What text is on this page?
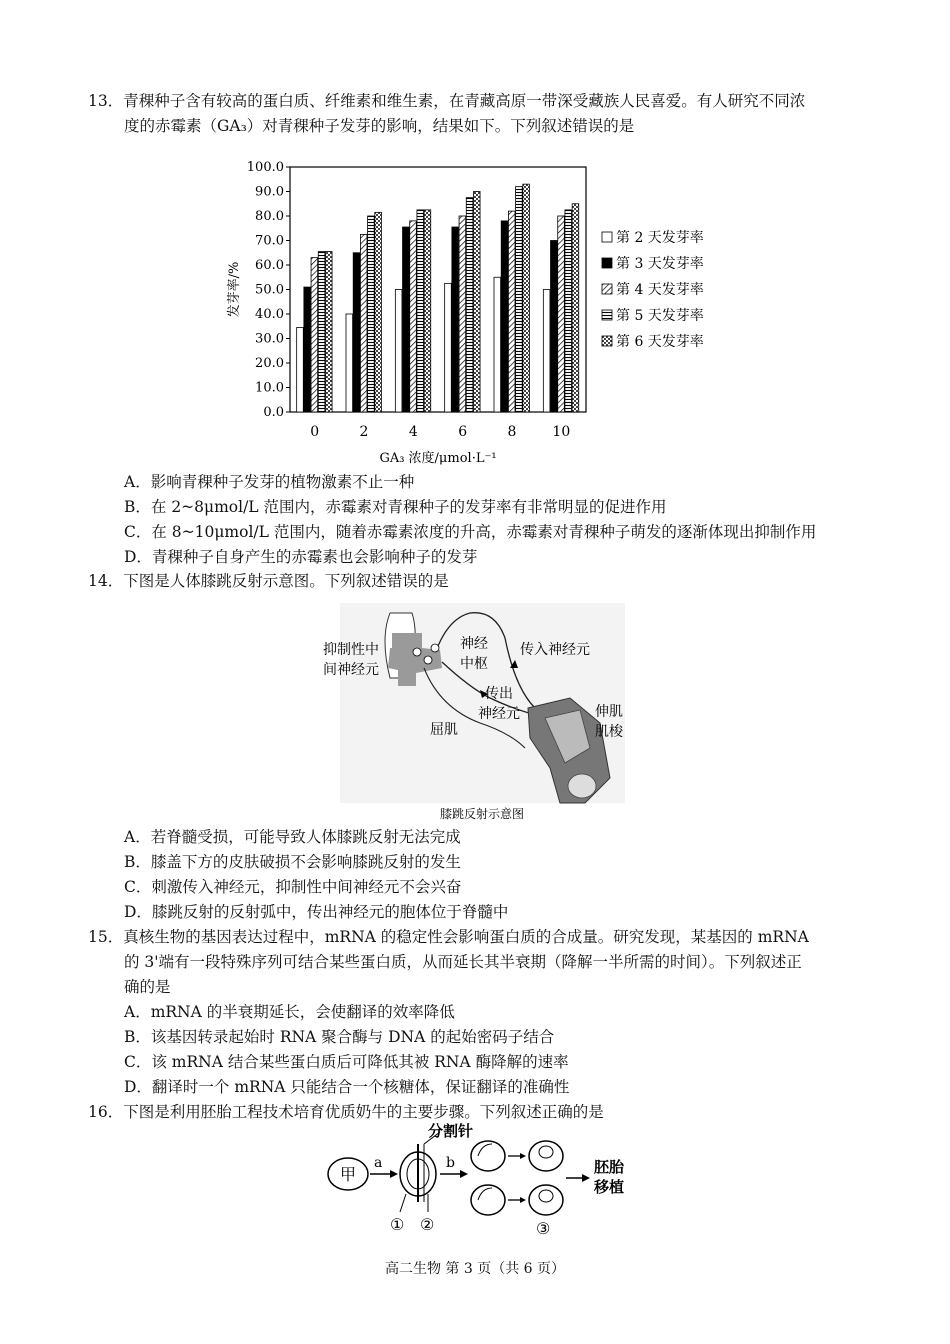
13．青稞种子含有较高的蛋白质、纤维素和维生素，在青藏高原一带深受藏族人民喜爱。有人研究不同浓
度的赤霉素（GA₃）对青稞种子发芽的影响，结果如下。下列叙述错误的是
0.0
10.0
20.0
30.0
40.0
50.0
60.0
70.0
80.0
90.0
100.0
发芽率/%
0	2	4	6	8	10
GA₃ 浓度/μmol·L⁻¹
第 2 天发芽率
第 3 天发芽率
第 4 天发芽率
第 5 天发芽率
第 6 天发芽率
A．影响青稞种子发芽的植物激素不止一种
B．在 2~8μmol/L 范围内，赤霉素对青稞种子的发芽率有非常明显的促进作用
C．在 8~10μmol/L 范围内，随着赤霉素浓度的升高，赤霉素对青稞种子萌发的逐渐体现出抑制作用
D．青稞种子自身产生的赤霉素也会影响种子的发芽
14．下图是人体膝跳反射示意图。下列叙述错误的是
抑制性中
间神经元
神经
中枢
传入神经元
传出
神经元	伸肌
肌梭
屈肌
膝跳反射示意图
A．若脊髓受损，可能导致人体膝跳反射无法完成
B．膝盖下方的皮肤破损不会影响膝跳反射的发生
C．刺激传入神经元，抑制性中间神经元不会兴奋
D．膝跳反射的反射弧中，传出神经元的胞体位于脊髓中
15．真核生物的基因表达过程中，mRNA 的稳定性会影响蛋白质的合成量。研究发现，某基因的 mRNA
的 3'端有一段特殊序列可结合某些蛋白质，从而延长其半衰期（降解一半所需的时间）。下列叙述正
确的是
A．mRNA 的半衰期延长，会使翻译的效率降低
B．该基因转录起始时 RNA 聚合酶与 DNA 的起始密码子结合
C．该 mRNA 结合某些蛋白质后可降低其被 RNA 酶降解的速率
D．翻译时一个 mRNA 只能结合一个核糖体，保证翻译的准确性
16．下图是利用胚胎工程技术培育优质奶牛的主要步骤。下列叙述正确的是
甲
a
分割针
① ②
b
③
胚胎
移植
高二生物 第 3 页（共 6 页）
